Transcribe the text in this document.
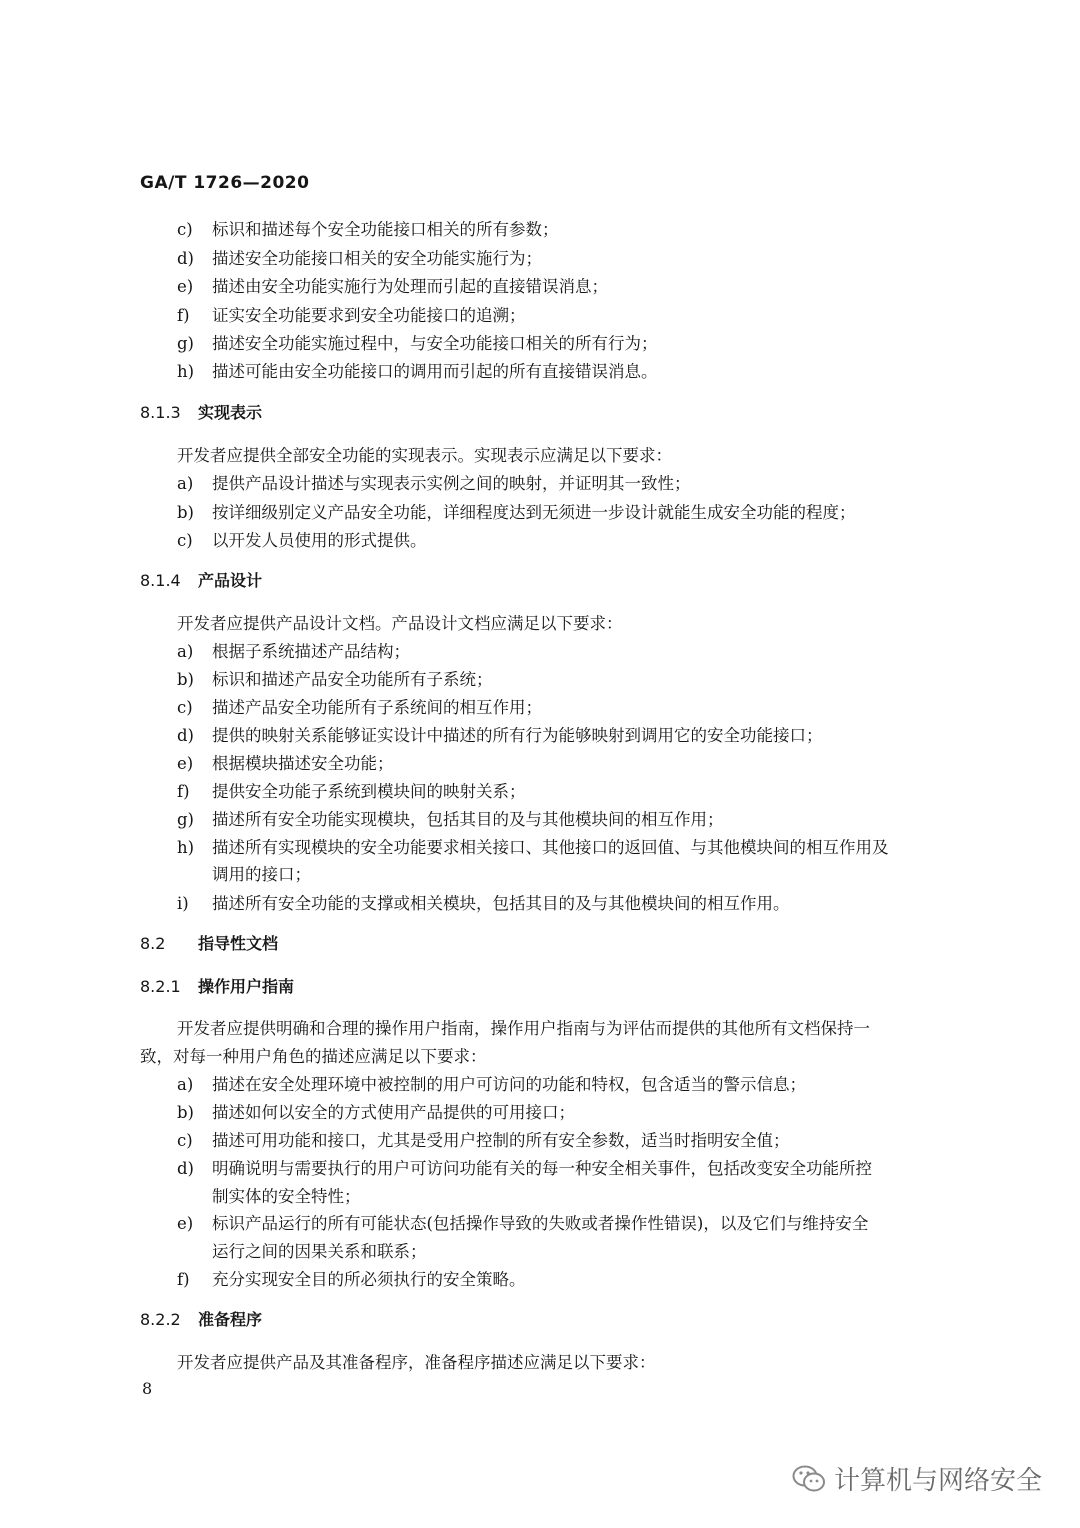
GA/T 1726—2020
c)	标识和描述每个安全功能接口相关的所有参数；
d)	描述安全功能接口相关的安全功能实施行为；
e)	描述由安全功能实施行为处理而引起的直接错误消息；
f)	证实安全功能要求到安全功能接口的追溯；
g)	描述安全功能实施过程中，与安全功能接口相关的所有行为；
h)	描述可能由安全功能接口的调用而引起的所有直接错误消息。
8.1.3 实现表示
开发者应提供全部安全功能的实现表示。实现表示应满足以下要求：
a)	提供产品设计描述与实现表示实例之间的映射，并证明其一致性；
b)	按详细级别定义产品安全功能，详细程度达到无须进一步设计就能生成安全功能的程度；
c)	以开发人员使用的形式提供。
8.1.4 产品设计
开发者应提供产品设计文档。产品设计文档应满足以下要求：
a)	根据子系统描述产品结构；
b)	标识和描述产品安全功能所有子系统；
c)	描述产品安全功能所有子系统间的相互作用；
d)	提供的映射关系能够证实设计中描述的所有行为能够映射到调用它的安全功能接口；
e)	根据模块描述安全功能；
f)	提供安全功能子系统到模块间的映射关系；
g)	描述所有安全功能实现模块，包括其目的及与其他模块间的相互作用；
h)	描述所有实现模块的安全功能要求相关接口、其他接口的返回值、与其他模块间的相互作用及
调用的接口；
i)	描述所有安全功能的支撑或相关模块，包括其目的及与其他模块间的相互作用。
8.2 指导性文档
8.2.1 操作用户指南
开发者应提供明确和合理的操作用户指南，操作用户指南与为评估而提供的其他所有文档保持一
致，对每一种用户角色的描述应满足以下要求：
a)	描述在安全处理环境中被控制的用户可访问的功能和特权，包含适当的警示信息；
b)	描述如何以安全的方式使用产品提供的可用接口；
c)	描述可用功能和接口，尤其是受用户控制的所有安全参数，适当时指明安全值；
d)	明确说明与需要执行的用户可访问功能有关的每一种安全相关事件，包括改变安全功能所控
制实体的安全特性；
e)	标识产品运行的所有可能状态(包括操作导致的失败或者操作性错误)，以及它们与维持安全
运行之间的因果关系和联系；
f)	充分实现安全目的所必须执行的安全策略。
8.2.2 准备程序
开发者应提供产品及其准备程序，准备程序描述应满足以下要求：
8
计算机与网络安全
